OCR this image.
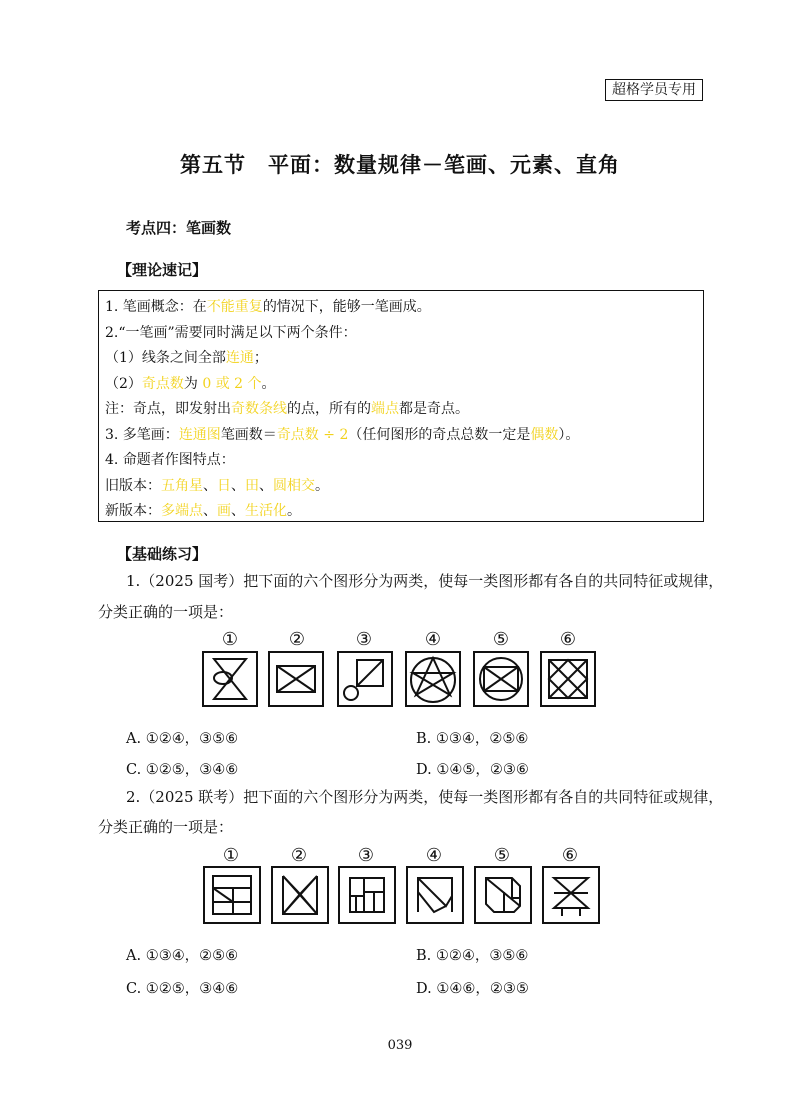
超格学员专用
第五节　平面：数量规律－笔画、元素、直角
考点四：笔画数
【理论速记】
1. 笔画概念：在不能重复的情况下，能够一笔画成。
2.“一笔画”需要同时满足以下两个条件：
（1）线条之间全部连通；
（2）奇点数为 0 或 2 个。
注：奇点，即发射出奇数条线的点，所有的端点都是奇点。
3. 多笔画：连通图笔画数＝奇点数 ÷ 2（任何图形的奇点总数一定是偶数）。
4. 命题者作图特点：
旧版本：五角星、日、田、圆相交。
新版本：多端点、画、生活化。
【基础练习】
1.（2025 国考）把下面的六个图形分为两类，使每一类图形都有各自的共同特征或规律，
分类正确的一项是：
①	②	③	④	⑤	⑥
A. ①②④，③⑤⑥	B. ①③④，②⑤⑥
C. ①②⑤，③④⑥	D. ①④⑤，②③⑥
2.（2025 联考）把下面的六个图形分为两类，使每一类图形都有各自的共同特征或规律，
分类正确的一项是：
①	②	③	④	⑤	⑥
A. ①③④，②⑤⑥	B. ①②④，③⑤⑥
C. ①②⑤，③④⑥	D. ①④⑥，②③⑤
039
